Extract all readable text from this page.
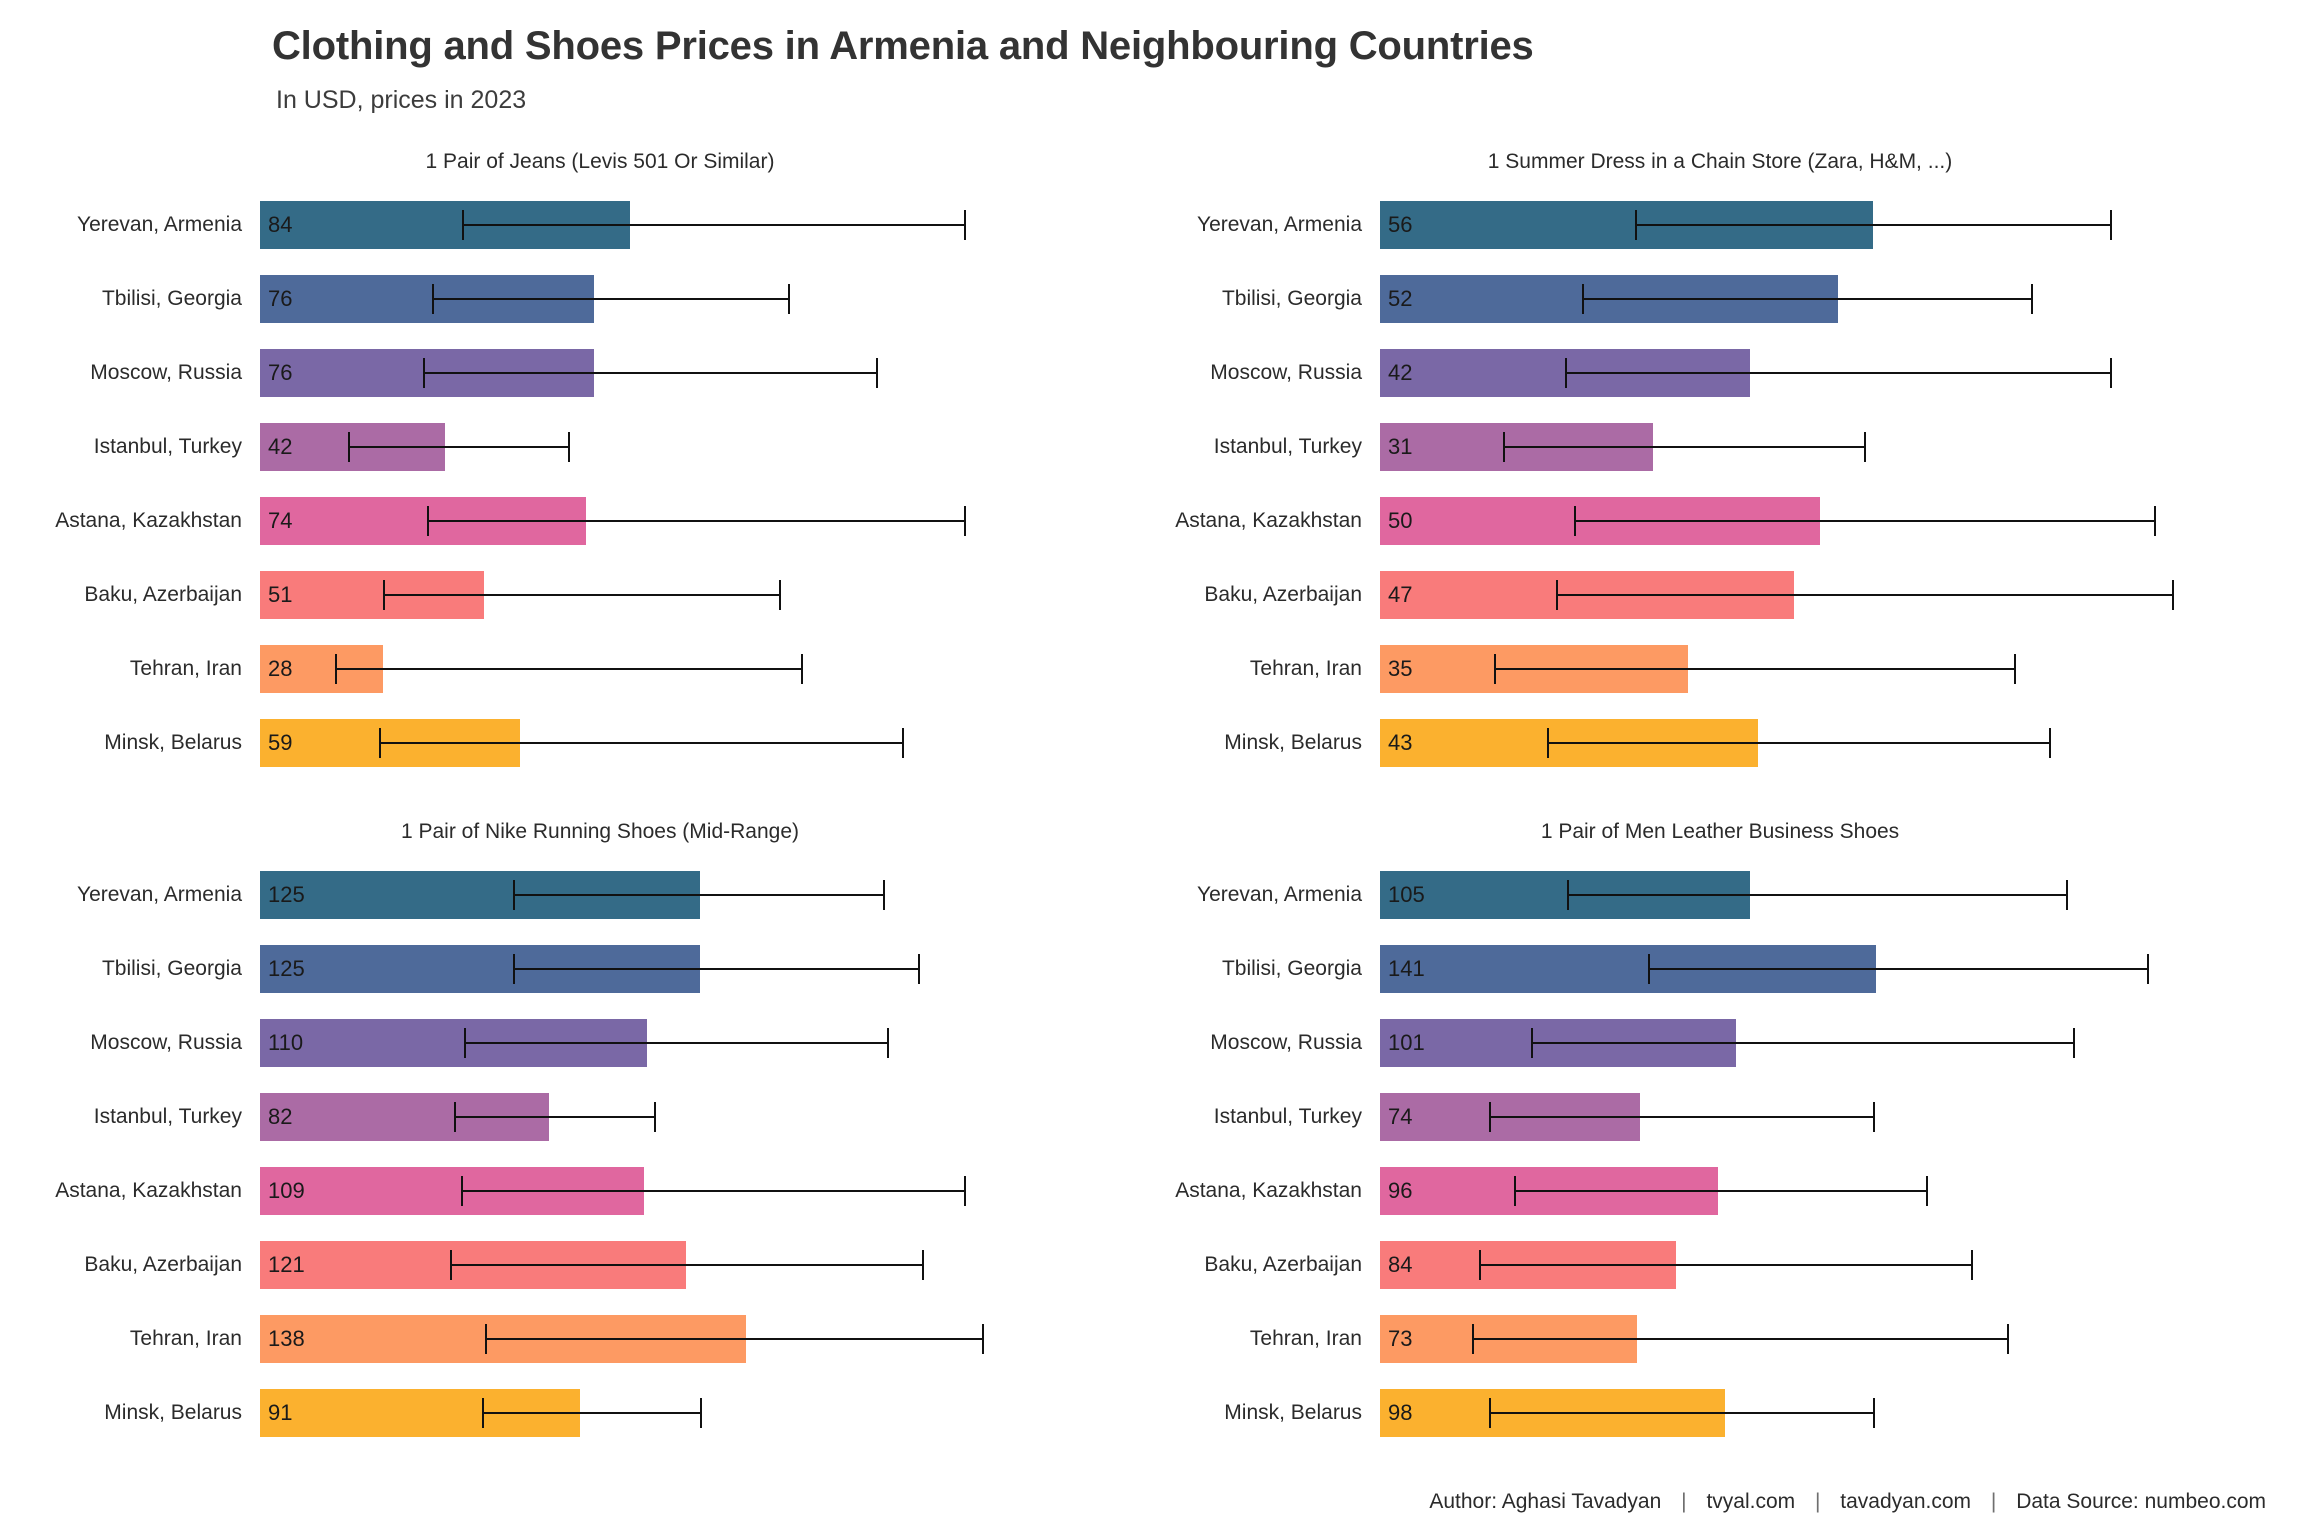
Clothing and Shoes Prices in Armenia and Neighbouring Countries
In USD, prices in 2023
1 Pair of Jeans (Levis 501 Or Similar)
Yerevan, Armenia 84
Tbilisi, Georgia 76
Moscow, Russia 76
Istanbul, Turkey 42
Astana, Kazakhstan 74
Baku, Azerbaijan 51
Tehran, Iran 28
Minsk, Belarus 59
1 Summer Dress in a Chain Store (Zara, H&M, ...)
Yerevan, Armenia 56
Tbilisi, Georgia 52
Moscow, Russia 42
Istanbul, Turkey 31
Astana, Kazakhstan 50
Baku, Azerbaijan 47
Tehran, Iran 35
Minsk, Belarus 43
1 Pair of Nike Running Shoes (Mid-Range)
Yerevan, Armenia 125
Tbilisi, Georgia 125
Moscow, Russia 110
Istanbul, Turkey 82
Astana, Kazakhstan 109
Baku, Azerbaijan 121
Tehran, Iran 138
Minsk, Belarus 91
1 Pair of Men Leather Business Shoes
Yerevan, Armenia 105
Tbilisi, Georgia 141
Moscow, Russia 101
Istanbul, Turkey 74
Astana, Kazakhstan 96
Baku, Azerbaijan 84
Tehran, Iran 73
Minsk, Belarus 98
Author: Aghasi Tavadyan | tvyal.com | tavadyan.com | Data Source: numbeo.com
